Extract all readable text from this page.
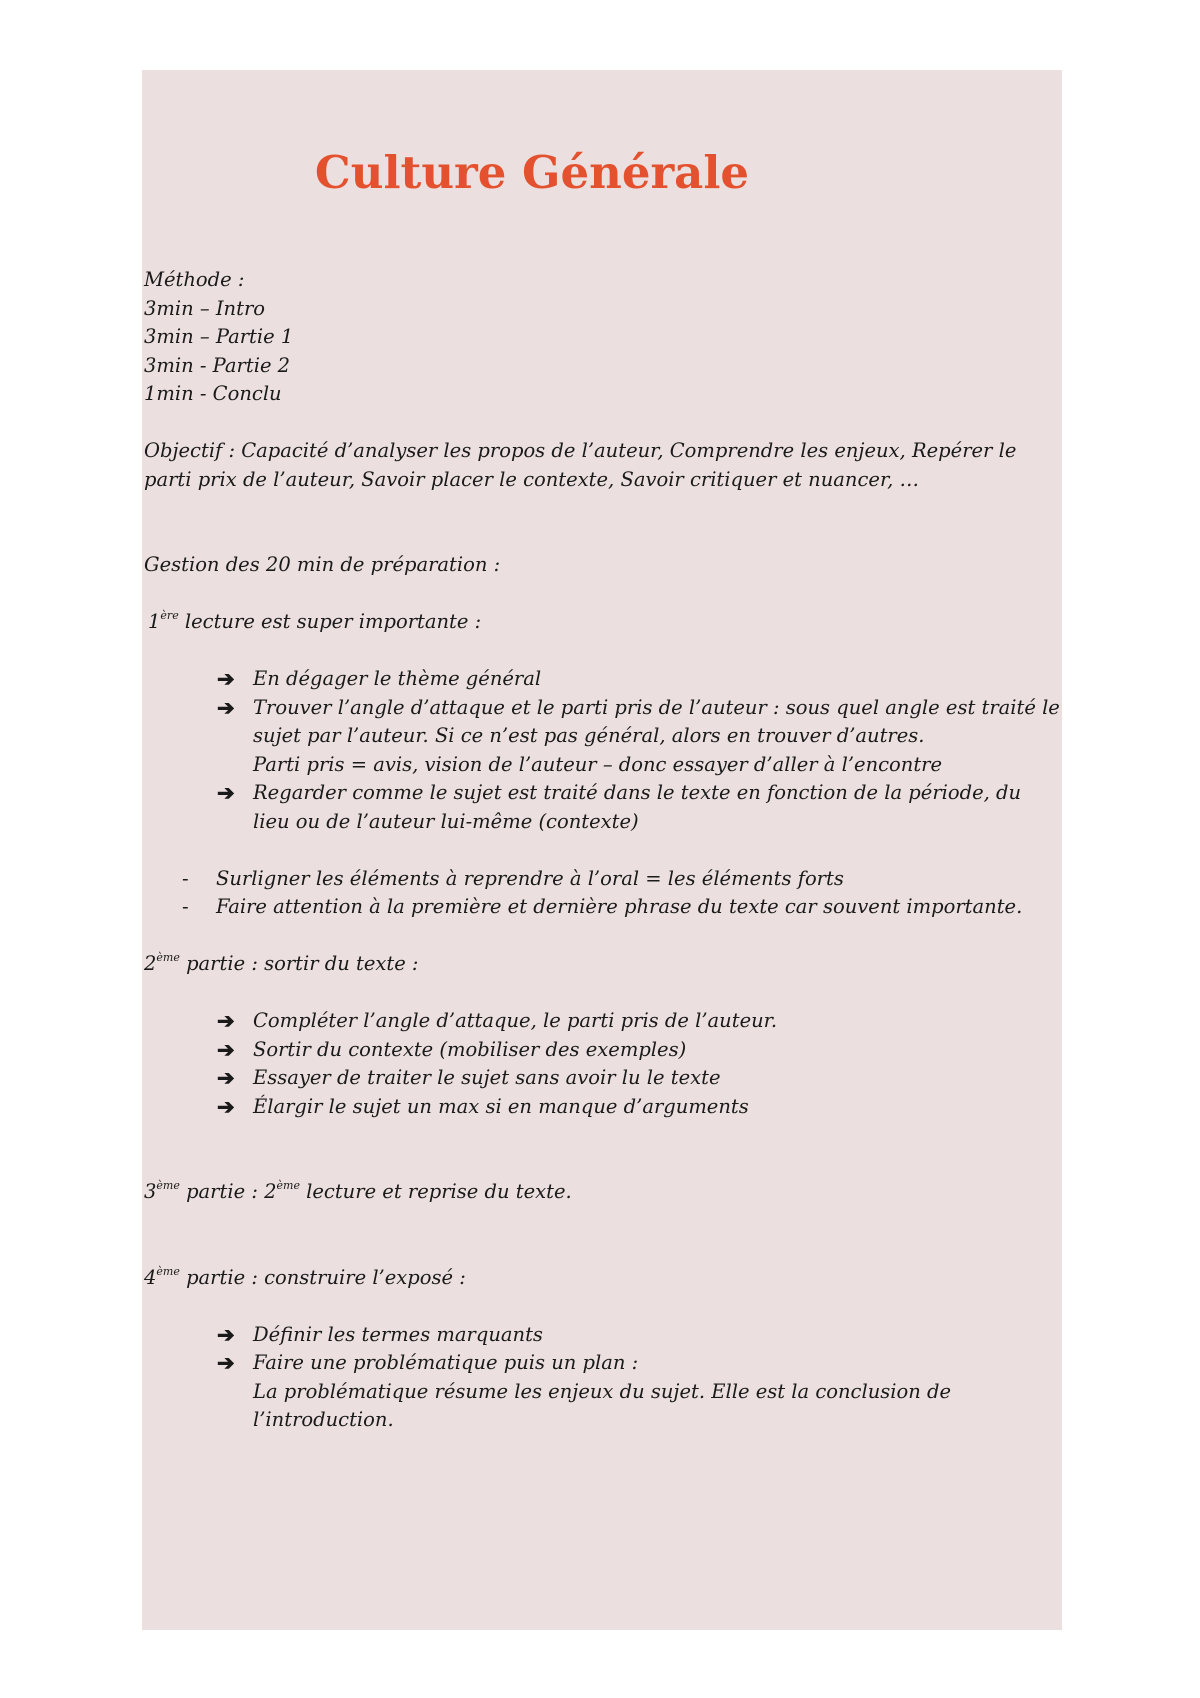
Culture Générale

Méthode :

3min – Intro

3min – Partie 1

3min - Partie 2

1min - Conclu

Objectif : Capacité d’analyser les propos de l’auteur, Comprendre les enjeux, Repérer le parti prix de l’auteur, Savoir placer le contexte, Savoir critiquer et nuancer, …

Gestion des 20 min de préparation :

1ère lecture est super importante :

➔ En dégager le thème général
➔ Trouver l’angle d’attaque et le parti pris de l’auteur : sous quel angle est traité le sujet par l’auteur. Si ce n’est pas général, alors en trouver d’autres.
Parti pris = avis, vision de l’auteur – donc essayer d’aller à l’encontre
➔ Regarder comme le sujet est traité dans le texte en fonction de la période, du lieu ou de l’auteur lui-même (contexte)
- Surligner les éléments à reprendre à l’oral = les éléments forts
- Faire attention à la première et dernière phrase du texte car souvent importante.

2ème partie : sortir du texte :

➔ Compléter l’angle d’attaque, le parti pris de l’auteur.
➔ Sortir du contexte (mobiliser des exemples)
➔ Essayer de traiter le sujet sans avoir lu le texte
➔ Élargir le sujet un max si en manque d’arguments

3ème partie : 2ème lecture et reprise du texte.

4ème partie : construire l’exposé :

➔ Définir les termes marquants
➔ Faire une problématique puis un plan :
La problématique résume les enjeux du sujet. Elle est la conclusion de l’introduction.
